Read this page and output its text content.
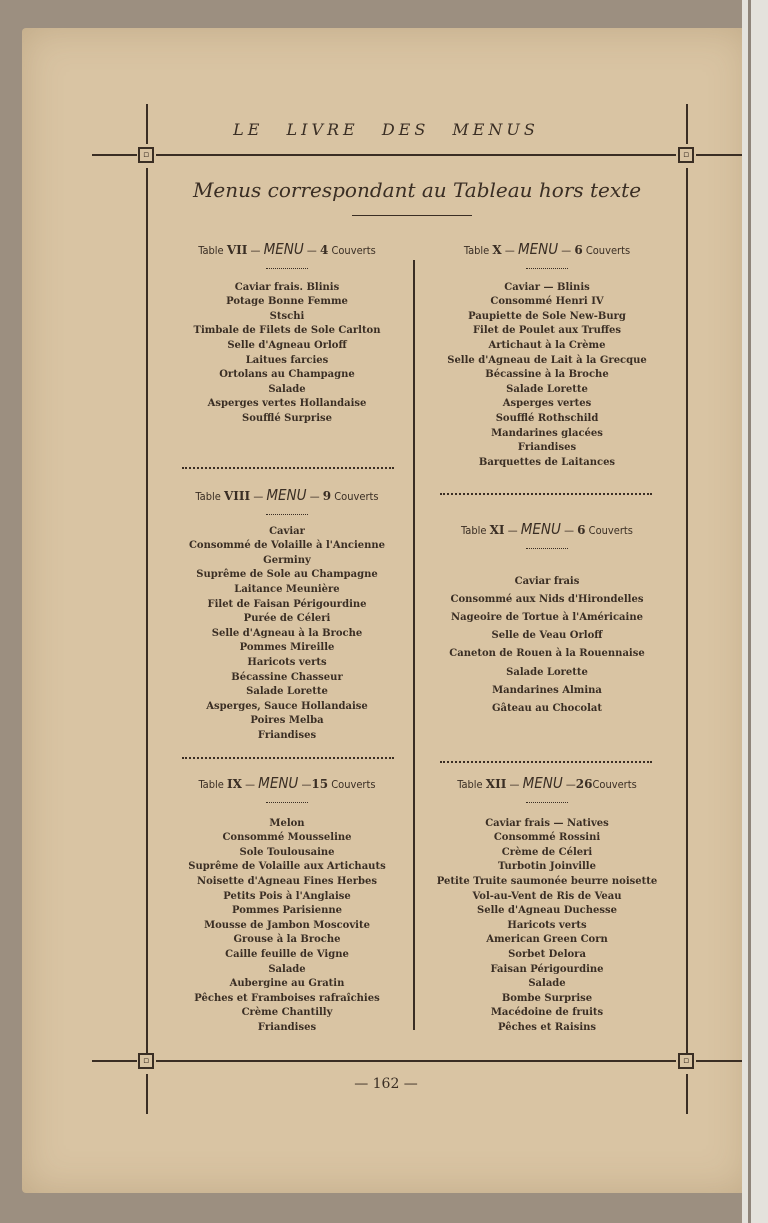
LE LIVRE DES MENUS
▫	▫
Menus correspondant au Tableau hors texte
Table VII — MENU — 4 Couverts
Caviar frais. Blinis
Potage Bonne Femme
Stschi
Timbale de Filets de Sole Carlton
Selle d'Agneau Orloff
Laitues farcies
Ortolans au Champagne
Salade
Asperges vertes Hollandaise
Soufflé Surprise
Table X — MENU — 6 Couverts
Caviar — Blinis
Consommé Henri IV
Paupiette de Sole New-Burg
Filet de Poulet aux Truffes
Artichaut à la Crème
Selle d'Agneau de Lait à la Grecque
Bécassine à la Broche
Salade Lorette
Asperges vertes
Soufflé Rothschild
Mandarines glacées
Friandises
Barquettes de Laitances
Table VIII — MENU — 9 Couverts
Caviar
Consommé de Volaille à l'Ancienne
Germiny
Suprême de Sole au Champagne
Laitance Meunière
Filet de Faisan Périgourdine
Purée de Céleri
Selle d'Agneau à la Broche
Pommes Mireille
Haricots verts
Bécassine Chasseur
Salade Lorette
Asperges, Sauce Hollandaise
Poires Melba
Friandises
Table XI — MENU — 6 Couverts
Caviar frais
Consommé aux Nids d'Hirondelles
Nageoire de Tortue à l'Américaine
Selle de Veau Orloff
Caneton de Rouen à la Rouennaise
Salade Lorette
Mandarines Almina
Gâteau au Chocolat
Table IX — MENU —15 Couverts
Melon
Consommé Mousseline
Sole Toulousaine
Suprême de Volaille aux Artichauts
Noisette d'Agneau Fines Herbes
Petits Pois à l'Anglaise
Pommes Parisienne
Mousse de Jambon Moscovite
Grouse à la Broche
Caille feuille de Vigne
Salade
Aubergine au Gratin
Pêches et Framboises rafraîchies
Crème Chantilly
Friandises
Table XII — MENU —26Couverts
Caviar frais — Natives
Consommé Rossini
Crème de Céleri
Turbotin Joinville
Petite Truite saumonée beurre noisette
Vol-au-Vent de Ris de Veau
Selle d'Agneau Duchesse
Haricots verts
American Green Corn
Sorbet Delora
Faisan Périgourdine
Salade
Bombe Surprise
Macédoine de fruits
Pêches et Raisins
▫	▫
— 162 —
